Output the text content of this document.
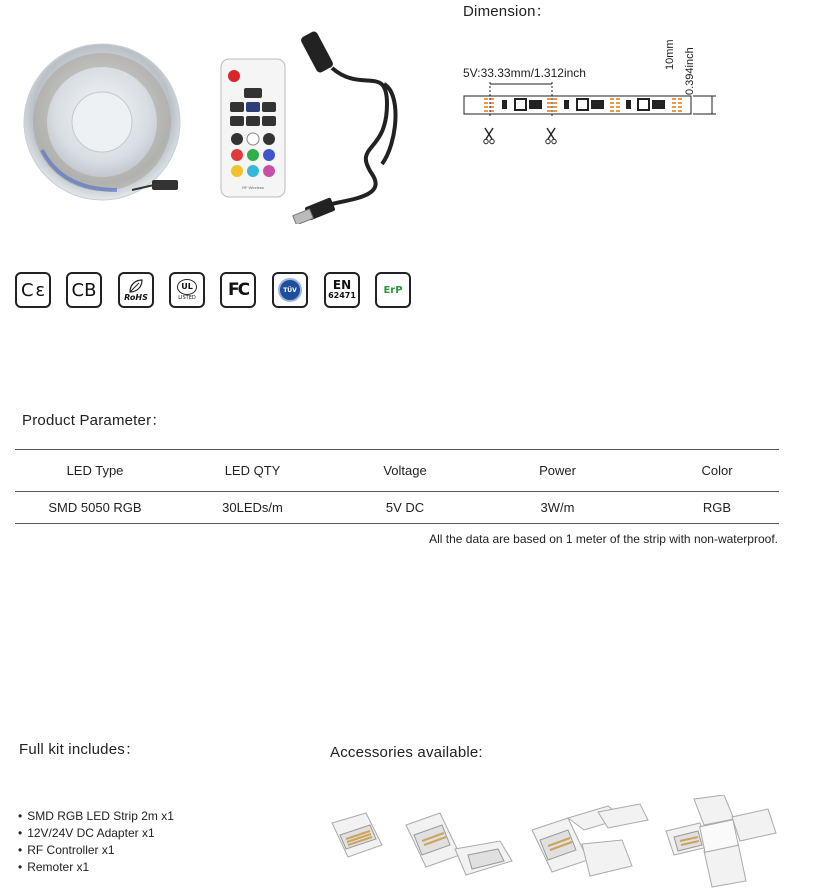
RF Wireless
Dimension：
5V:33.33mm/1.312inch
10mm 0.394inch
C ε	CB	RoHS
UL
LISTED	FC	TÜV	EN
62471	ErP
Product Parameter：
LED Type	LED QTY	Voltage	Power	Color
SMD 5050 RGB	30LEDs/m	5V DC	3W/m	RGB
All the data are based on 1 meter of the strip with non-waterproof.
Full kit includes：
• SMD RGB LED Strip 2m x1
• 12V/24V DC Adapter x1
• RF Controller x1
• Remoter x1
Accessories available:
